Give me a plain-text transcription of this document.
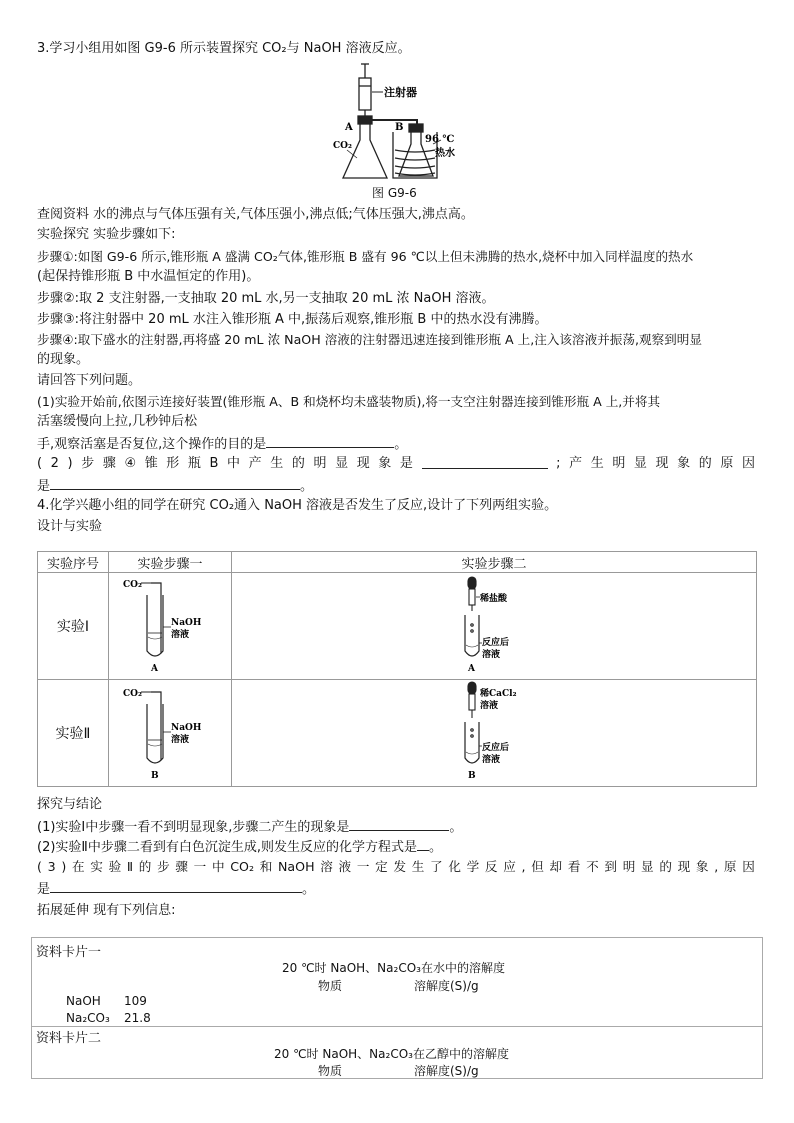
3.学习小组用如图 G9-6 所示装置探究 CO₂与 NaOH 溶液反应。
注射器
A
CO₂
B
96 ℃
热水
图 G9-6
查阅资料 水的沸点与气体压强有关,气体压强小,沸点低;气体压强大,沸点高。
实验探究 实验步骤如下:
步骤①:如图 G9-6 所示,锥形瓶 A 盛满 CO₂气体,锥形瓶 B 盛有 96 ℃以上但未沸腾的热水,烧杯中加入同样温度的热水
(起保持锥形瓶 B 中水温恒定的作用)。
步骤②:取 2 支注射器,一支抽取 20 mL 水,另一支抽取 20 mL 浓 NaOH 溶液。
步骤③:将注射器中 20 mL 水注入锥形瓶 A 中,振荡后观察,锥形瓶 B 中的热水没有沸腾。
步骤④:取下盛水的注射器,再将盛 20 mL 浓 NaOH 溶液的注射器迅速连接到锥形瓶 A 上,注入该溶液并振荡,观察到明显
的现象。
请回答下列问题。
(1)实验开始前,依图示连接好装置(锥形瓶 A、B 和烧杯均未盛装物质),将一支空注射器连接到锥形瓶 A 上,并将其
活塞缓慢向上拉,几秒钟后松
手,观察活塞是否复位,这个操作的目的是	。
( 2 ) 步 骤 ④ 锥 形 瓶 B 中 产 生 的 明 显 现 象 是	; 产 生 明 显 现 象 的 原 因
是	。
4.化学兴趣小组的同学在研究 CO₂通入 NaOH 溶液是否发生了反应,设计了下列两组实验。
设计与实验
实验序号	实验步骤一	实验步骤二
实验Ⅰ	CO₂
NaOH
溶液
A	稀盐酸
反应后
溶液
A

实验Ⅱ	CO₂
NaOH
溶液
B	稀CaCl₂
溶液
反应后
溶液
B
探究与结论
(1)实验Ⅰ中步骤一看不到明显现象,步骤二产生的现象是	。
(2)实验Ⅱ中步骤二看到有白色沉淀生成,则发生反应的化学方程式是 。
( 3 ) 在 实 验 Ⅱ 的 步 骤 一 中 CO₂ 和 NaOH 溶 液 一 定 发 生 了 化 学 反 应 , 但 却 看 不 到 明 显 的 现 象 , 原 因
是	。
拓展延伸 现有下列信息:
资料卡片一
20 ℃时 NaOH、Na₂CO₃在水中的溶解度
物质	溶解度(S)/g
NaOH 109
Na₂CO₃ 21.8
资料卡片二
20 ℃时 NaOH、Na₂CO₃在乙醇中的溶解度
物质	溶解度(S)/g
